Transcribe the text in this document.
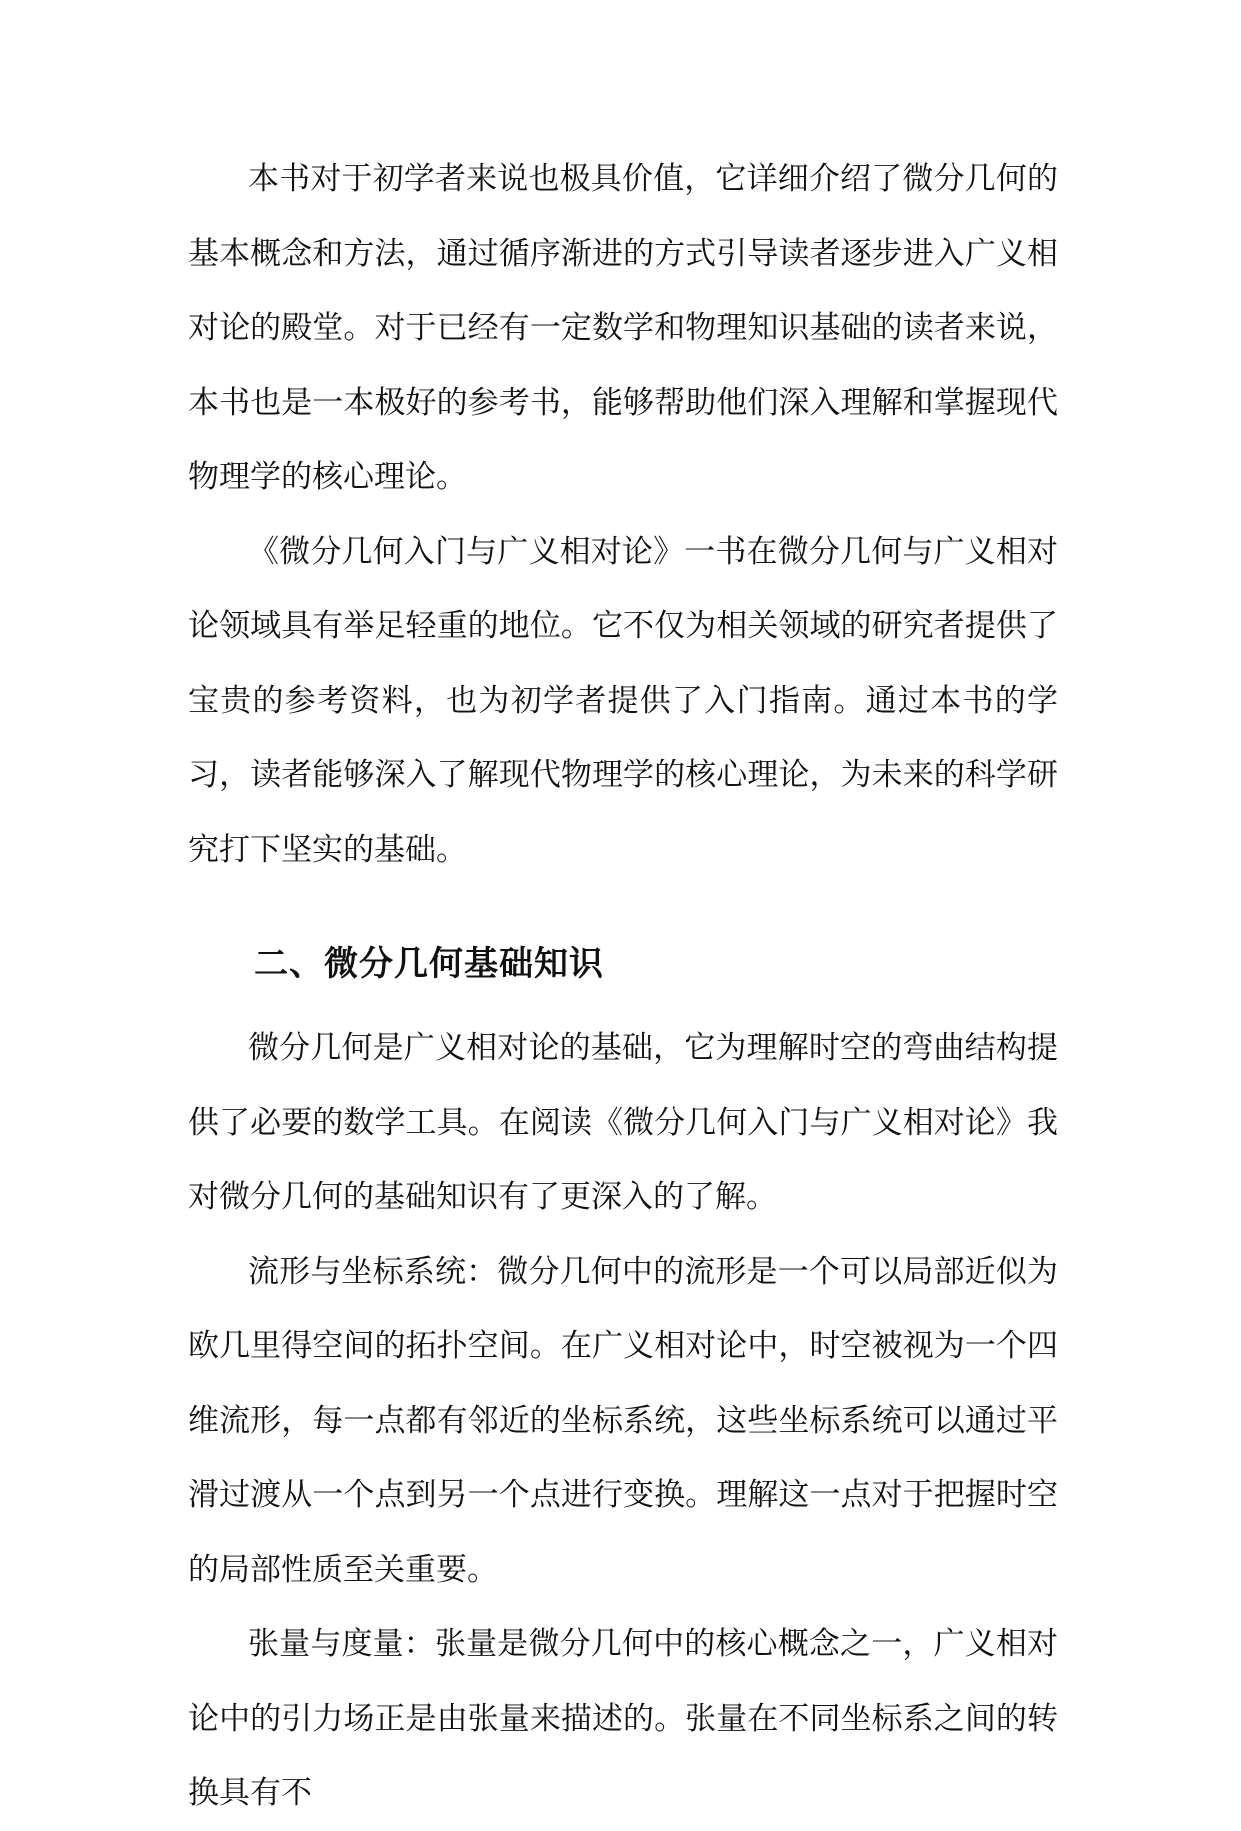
本书对于初学者来说也极具价值，它详细介绍了微分几何的基本概念和方法，通过循序渐进的方式引导读者逐步进入广义相对论的殿堂。对于已经有一定数学和物理知识基础的读者来说，本书也是一本极好的参考书，能够帮助他们深入理解和掌握现代物理学的核心理论。

《微分几何入门与广义相对论》一书在微分几何与广义相对论领域具有举足轻重的地位。它不仅为相关领域的研究者提供了宝贵的参考资料，也为初学者提供了入门指南。通过本书的学习，读者能够深入了解现代物理学的核心理论，为未来的科学研究打下坚实的基础。

二、微分几何基础知识

微分几何是广义相对论的基础，它为理解时空的弯曲结构提供了必要的数学工具。在阅读《微分几何入门与广义相对论》我对微分几何的基础知识有了更深入的了解。

流形与坐标系统：微分几何中的流形是一个可以局部近似为欧几里得空间的拓扑空间。在广义相对论中，时空被视为一个四维流形，每一点都有邻近的坐标系统，这些坐标系统可以通过平滑过渡从一个点到另一个点进行变换。理解这一点对于把握时空的局部性质至关重要。

张量与度量：张量是微分几何中的核心概念之一，广义相对论中的引力场正是由张量来描述的。张量在不同坐标系之间的转换具有不
